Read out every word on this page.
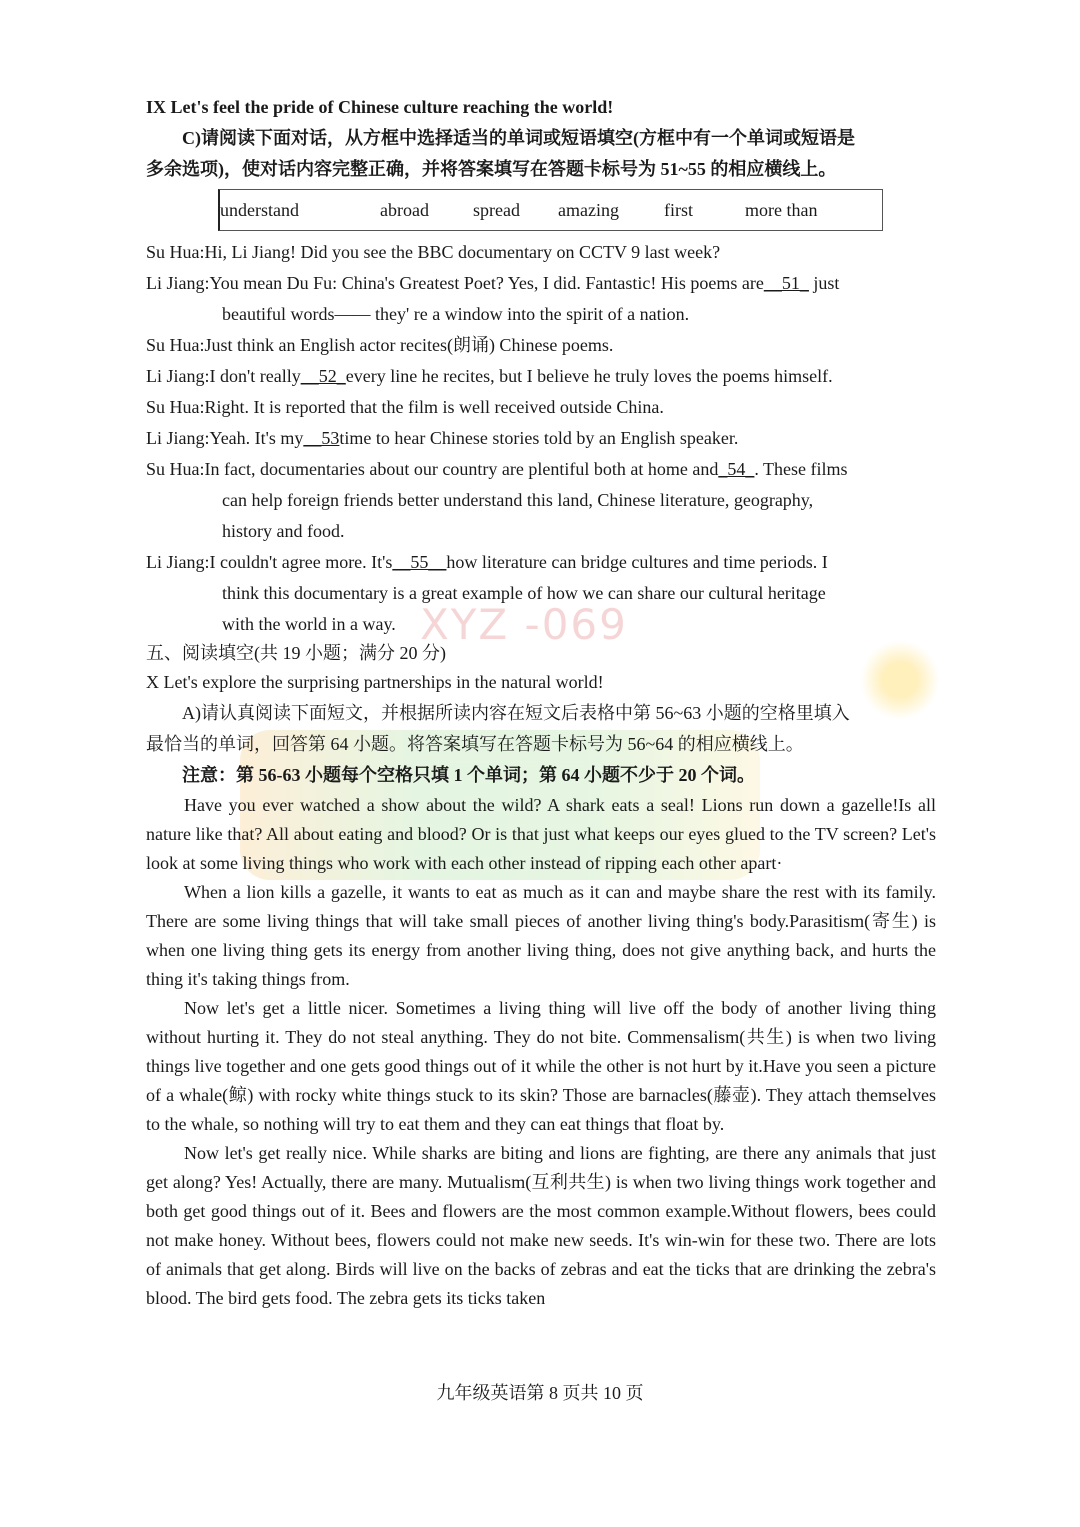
XYZ -069
IX Let's feel the pride of Chinese culture reaching the world!
C)请阅读下面对话，从方框中选择适当的单词或短语填空(方框中有一个单词或短语是
多余选项)，使对话内容完整正确，并将答案填写在答题卡标号为 51~55 的相应横线上。
understand	abroad spread amazing	first	more than
Su Hua: Hi, Li Jiang! Did you see the BBC documentary on CCTV 9 last week?
Li Jiang: You mean Du Fu: China's Greatest Poet? Yes, I did. Fantastic! His poems are__51_ just
beautiful words—— they' re a window into the spirit of a nation.
Su Hua: Just think an English actor recites(朗诵) Chinese poems.
Li Jiang: I don't really__52_every line he recites, but I believe he truly loves the poems himself.
Su Hua: Right. It is reported that the film is well received outside China.
Li Jiang: Yeah. It's my__53time to hear Chinese stories told by an English speaker.
Su Hua: In fact, documentaries about our country are plentiful both at home and_54_. These films
can help foreign friends better understand this land, Chinese literature, geography,
history and food.
Li Jiang: I couldn't agree more. It's__55__how literature can bridge cultures and time periods. I
think this documentary is a great example of how we can share our cultural heritage
with the world in a way.
五、阅读填空(共 19 小题；满分 20 分)
X Let's explore the surprising partnerships in the natural world!
A)请认真阅读下面短文，并根据所读内容在短文后表格中第 56~63 小题的空格里填入
最恰当的单词，回答第 64 小题。将答案填写在答题卡标号为 56~64 的相应横线上。
注意：第 56-63 小题每个空格只填 1 个单词；第 64 小题不少于 20 个词。

Have you ever watched a show about the wild? A shark eats a seal! Lions run down a gazelle!Is all nature like that? All about eating and blood? Or is that just what keeps our eyes glued to the TV screen? Let's look at some living things who work with each other instead of ripping each other apart·

When a lion kills a gazelle, it wants to eat as much as it can and maybe share the rest with its family. There are some living things that will take small pieces of another living thing's body.Parasitism(寄生) is when one living thing gets its energy from another living thing, does not give anything back, and hurts the thing it's taking things from.

Now let's get a little nicer. Sometimes a living thing will live off the body of another living thing without hurting it. They do not steal anything. They do not bite. Commensalism(共生) is when two living things live together and one gets good things out of it while the other is not hurt by it.Have you seen a picture of a whale(鲸) with rocky white things stuck to its skin? Those are barnacles(藤壶). They attach themselves to the whale, so nothing will try to eat them and they can eat things that float by.

Now let's get really nice. While sharks are biting and lions are fighting, are there any animals that just get along? Yes! Actually, there are many. Mutualism(互利共生) is when two living things work together and both get good things out of it. Bees and flowers are the most common example.Without flowers, bees could not make honey. Without bees, flowers could not make new seeds. It's win-win for these two. There are lots of animals that get along. Birds will live on the backs of zebras and eat the ticks that are drinking the zebra's blood. The bird gets food. The zebra gets its ticks taken

九年级英语第 8 页共 10 页
